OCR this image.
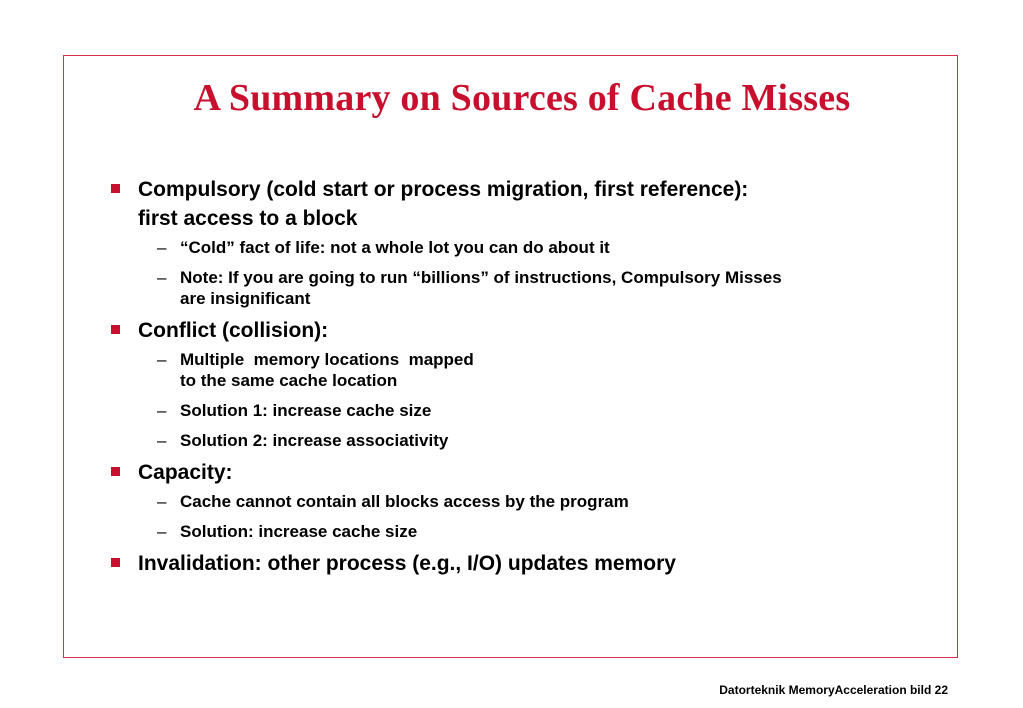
A Summary on Sources of Cache Misses
Compulsory (cold start or process migration, first reference):
first access to a block
– “Cold” fact of life: not a whole lot you can do about it
– Note: If you are going to run “billions” of instructions, Compulsory Misses
are insignificant
Conflict (collision):
– Multiple  memory locations  mapped
to the same cache location
– Solution 1: increase cache size
– Solution 2: increase associativity
Capacity:
– Cache cannot contain all blocks access by the program
– Solution: increase cache size
Invalidation: other process (e.g., I/O) updates memory
Datorteknik MemoryAcceleration bild 22
